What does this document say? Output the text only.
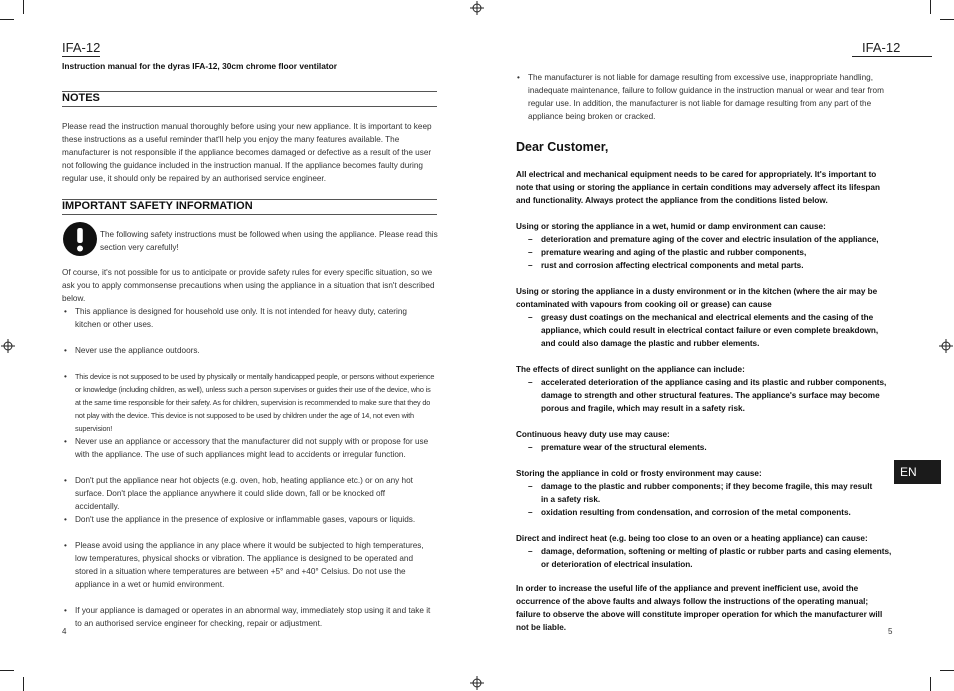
IFA-12
Instruction manual for the dyras IFA-12, 30cm chrome floor ventilator
NOTES
Please read the instruction manual thoroughly before using your new appliance. It is important to keep these instructions as a useful reminder that'll help you enjoy the many features available. The manufacturer is not responsible if the appliance becomes damaged or defective as a result of the user not following the guidance included in the instruction manual. If the appliance becomes faulty during regular use, it should only be repaired by an authorised service engineer.
IMPORTANT SAFETY INFORMATION
The following safety instructions must be followed when using the appliance. Please read this section very carefully!
Of course, it's not possible for us to anticipate or provide safety rules for every specific situation, so we ask you to apply commonsense precautions when using the appliance in a situation that isn't described below.
• This appliance is designed for household use only. It is not intended for heavy duty, catering kitchen or other uses.
• Never use the appliance outdoors.
• This device is not supposed to be used by physically or mentally handicapped people, or persons without experience or knowledge (including children, as well), unless such a person supervises or guides their use of the device, who is at the same time responsible for their safety. As for children, supervision is recommended to make sure that they do not play with the device. This device is not supposed to be used by children under the age of 14, not even with supervision!
• Never use an appliance or accessory that the manufacturer did not supply with or propose for use with the appliance. The use of such appliances might lead to accidents or irregular function.
• Don't put the appliance near hot objects (e.g. oven, hob, heating appliance etc.) or on any hot surface. Don't place the appliance anywhere it could slide down, fall or be knocked off accidentally.
• Don't use the appliance in the presence of explosive or inflammable gases, vapours or liquids.
• Please avoid using the appliance in any place where it would be subjected to high temperatures, low temperatures, physical shocks or vibration. The appliance is designed to be operated and stored in a situation where temperatures are between +5° and +40° Celsius. Do not use the appliance in a wet or humid environment.
• If your appliance is damaged or operates in an abnormal way, immediately stop using it and take it to an authorised service engineer for checking, repair or adjustment.
4
IFA-12
• The manufacturer is not liable for damage resulting from excessive use, inappropriate handling, inadequate maintenance, failure to follow guidance in the instruction manual or wear and tear from regular use. In addition, the manufacturer is not liable for damage resulting from any part of the appliance being broken or cracked.
Dear Customer,
All electrical and mechanical equipment needs to be cared for appropriately. It's important to note that using or storing the appliance in certain conditions may adversely affect its lifespan and functionality. Always protect the appliance from the conditions listed below.
Using or storing the appliance in a wet, humid or damp environment can cause:
– deterioration and premature aging of the cover and electric insulation of the appliance,
– premature wearing and aging of the plastic and rubber components,
– rust and corrosion affecting electrical components and metal parts.
Using or storing the appliance in a dusty environment or in the kitchen (where the air may be contaminated with vapours from cooking oil or grease) can cause
– greasy dust coatings on the mechanical and electrical elements and the casing of the appliance, which could result in electrical contact failure or even complete breakdown, and could also damage the plastic and rubber elements.
The effects of direct sunlight on the appliance can include:
– accelerated deterioration of the appliance casing and its plastic and rubber components, damage to strength and other structural features. The appliance's surface may become porous and fragile, which may result in a safety risk.
Continuous heavy duty use may cause:
– premature wear of the structural elements.
Storing the appliance in cold or frosty environment may cause:
– damage to the plastic and rubber components; if they become fragile, this may result in a safety risk.
– oxidation resulting from condensation, and corrosion of the metal components.
Direct and indirect heat (e.g. being too close to an oven or a heating appliance) can cause:
– damage, deformation, softening or melting of plastic or rubber parts and casing elements, or deterioration of electrical insulation.
In order to increase the useful life of the appliance and prevent inefficient use, avoid the occurrence of the above faults and always follow the instructions of the operating manual; failure to observe the above will constitute improper operation for which the manufacturer will not be liable.	5
EN
